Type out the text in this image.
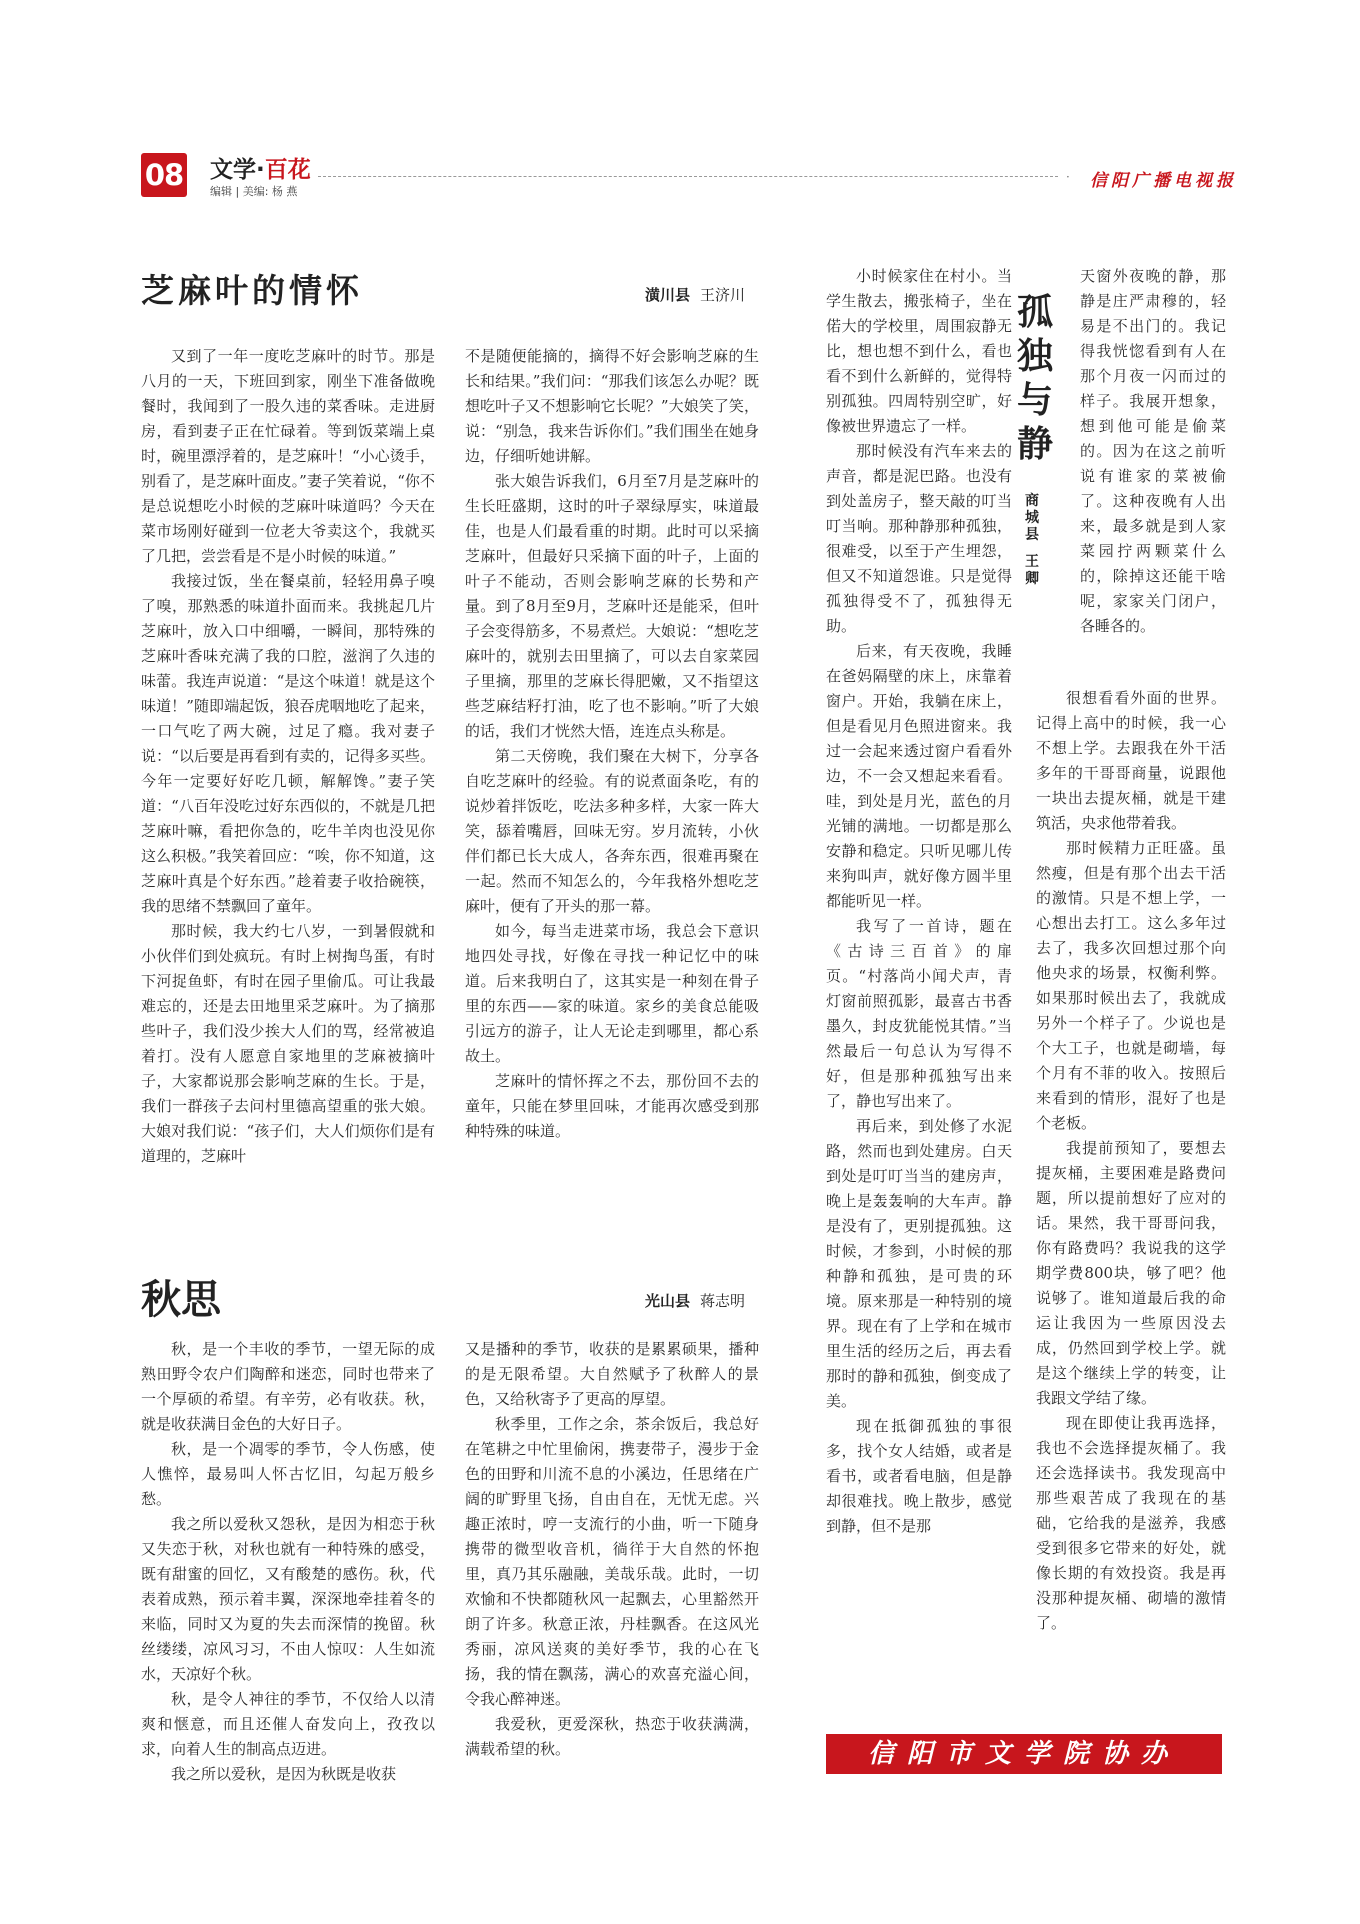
08 文学·百花
编辑 | 美编: 杨 燕
· 信阳广播电视报
芝麻叶的情怀	潢川县 王济川

又到了一年一度吃芝麻叶的时节。那是八月的一天，下班回到家，刚坐下准备做晚餐时，我闻到了一股久违的菜香味。走进厨房，看到妻子正在忙碌着。等到饭菜端上桌时，碗里漂浮着的，是芝麻叶！“小心烫手，别看了，是芝麻叶面皮。”妻子笑着说，“你不是总说想吃小时候的芝麻叶味道吗？今天在菜市场刚好碰到一位老大爷卖这个，我就买了几把，尝尝看是不是小时候的味道。”

我接过饭，坐在餐桌前，轻轻用鼻子嗅了嗅，那熟悉的味道扑面而来。我挑起几片芝麻叶，放入口中细嚼，一瞬间，那特殊的芝麻叶香味充满了我的口腔，滋润了久违的味蕾。我连声说道：“是这个味道！就是这个味道！”随即端起饭，狼吞虎咽地吃了起来，一口气吃了两大碗，过足了瘾。我对妻子说：“以后要是再看到有卖的，记得多买些。今年一定要好好吃几顿，解解馋。”妻子笑道：“八百年没吃过好东西似的，不就是几把芝麻叶嘛，看把你急的，吃牛羊肉也没见你这么积极。”我笑着回应：“唉，你不知道，这芝麻叶真是个好东西。”趁着妻子收拾碗筷，我的思绪不禁飘回了童年。

那时候，我大约七八岁，一到暑假就和小伙伴们到处疯玩。有时上树掏鸟蛋，有时下河捉鱼虾，有时在园子里偷瓜。可让我最难忘的，还是去田地里采芝麻叶。为了摘那些叶子，我们没少挨大人们的骂，经常被追着打。没有人愿意自家地里的芝麻被摘叶子，大家都说那会影响芝麻的生长。于是，我们一群孩子去问村里德高望重的张大娘。大娘对我们说：“孩子们，大人们烦你们是有道理的，芝麻叶

不是随便能摘的，摘得不好会影响芝麻的生长和结果。”我们问：“那我们该怎么办呢？既想吃叶子又不想影响它长呢？”大娘笑了笑，说：“别急，我来告诉你们。”我们围坐在她身边，仔细听她讲解。

张大娘告诉我们，6月至7月是芝麻叶的生长旺盛期，这时的叶子翠绿厚实，味道最佳，也是人们最看重的时期。此时可以采摘芝麻叶，但最好只采摘下面的叶子，上面的叶子不能动，否则会影响芝麻的长势和产量。到了8月至9月，芝麻叶还是能采，但叶子会变得筋多，不易煮烂。大娘说：“想吃芝麻叶的，就别去田里摘了，可以去自家菜园子里摘，那里的芝麻长得肥嫩，又不指望这些芝麻结籽打油，吃了也不影响。”听了大娘的话，我们才恍然大悟，连连点头称是。

第二天傍晚，我们聚在大树下，分享各自吃芝麻叶的经验。有的说煮面条吃，有的说炒着拌饭吃，吃法多种多样，大家一阵大笑，舔着嘴唇，回味无穷。岁月流转，小伙伴们都已长大成人，各奔东西，很难再聚在一起。然而不知怎么的，今年我格外想吃芝麻叶，便有了开头的那一幕。

如今，每当走进菜市场，我总会下意识地四处寻找，好像在寻找一种记忆中的味道。后来我明白了，这其实是一种刻在骨子里的东西——家的味道。家乡的美食总能吸引远方的游子，让人无论走到哪里，都心系故土。

芝麻叶的情怀挥之不去，那份回不去的童年，只能在梦里回味，才能再次感受到那种特殊的味道。

秋思	光山县 蒋志明

秋，是一个丰收的季节，一望无际的成熟田野令农户们陶醉和迷恋，同时也带来了一个厚硕的希望。有辛劳，必有收获。秋，就是收获满目金色的大好日子。

秋，是一个凋零的季节，令人伤感，使人憔悴，最易叫人怀古忆旧，勾起万般乡愁。

我之所以爱秋又怨秋，是因为相恋于秋又失恋于秋，对秋也就有一种特殊的感受，既有甜蜜的回忆，又有酸楚的感伤。秋，代表着成熟，预示着丰翼，深深地牵挂着冬的来临，同时又为夏的失去而深情的挽留。秋丝缕缕，凉风习习，不由人惊叹：人生如流水，天凉好个秋。

秋，是令人神往的季节，不仅给人以清爽和惬意，而且还催人奋发向上，孜孜以求，向着人生的制高点迈进。

我之所以爱秋，是因为秋既是收获

又是播种的季节，收获的是累累硕果，播种的是无限希望。大自然赋予了秋醉人的景色，又给秋寄予了更高的厚望。

秋季里，工作之余，茶余饭后，我总好在笔耕之中忙里偷闲，携妻带子，漫步于金色的田野和川流不息的小溪边，任思绪在广阔的旷野里飞扬，自由自在，无忧无虑。兴趣正浓时，哼一支流行的小曲，听一下随身携带的微型收音机，徜徉于大自然的怀抱里，真乃其乐融融，美哉乐哉。此时，一切欢愉和不快都随秋风一起飘去，心里豁然开朗了许多。秋意正浓，丹桂飘香。在这风光秀丽，凉风送爽的美好季节，我的心在飞扬，我的情在飘荡，满心的欢喜充溢心间，令我心醉神迷。

我爱秋，更爱深秋，热恋于收获满满，满载希望的秋。

孤
独
与
静
商
城
县
王
卿

小时候家住在村小。当学生散去，搬张椅子，坐在偌大的学校里，周围寂静无比，想也想不到什么，看也看不到什么新鲜的，觉得特别孤独。四周特别空旷，好像被世界遗忘了一样。

那时候没有汽车来去的声音，都是泥巴路。也没有到处盖房子，整天敲的叮当叮当响。那种静那种孤独，很难受，以至于产生埋怨，但又不知道怨谁。只是觉得孤独得受不了，孤独得无助。

后来，有天夜晚，我睡在爸妈隔壁的床上，床靠着窗户。开始，我躺在床上，但是看见月色照进窗来。我过一会起来透过窗户看看外边，不一会又想起来看看。哇，到处是月光，蓝色的月光铺的满地。一切都是那么安静和稳定。只听见哪儿传来狗叫声，就好像方圆半里都能听见一样。

我写了一首诗，题在《古诗三百首》的扉页。“村落尚小闻犬声，青灯窗前照孤影，最喜古书香墨久，封皮犹能悦其情。”当然最后一句总认为写得不好，但是那种孤独写出来了，静也写出来了。

再后来，到处修了水泥路，然而也到处建房。白天到处是叮叮当当的建房声，晚上是轰轰响的大车声。静是没有了，更别提孤独。这时候，才参到，小时候的那种静和孤独，是可贵的环境。原来那是一种特别的境界。现在有了上学和在城市里生活的经历之后，再去看那时的静和孤独，倒变成了美。

现在抵御孤独的事很多，找个女人结婚，或者是看书，或者看电脑，但是静却很难找。晚上散步，感觉到静，但不是那

天窗外夜晚的静，那静是庄严肃穆的，轻易是不出门的。我记得我恍惚看到有人在那个月夜一闪而过的样子。我展开想象，想到他可能是偷菜的。因为在这之前听说有谁家的菜被偷了。这种夜晚有人出来，最多就是到人家菜园拧两颗菜什么的，除掉这还能干啥呢，家家关门闭户，各睡各的。

很想看看外面的世界。记得上高中的时候，我一心不想上学。去跟我在外干活多年的干哥哥商量，说跟他一块出去提灰桶，就是干建筑活，央求他带着我。

那时候精力正旺盛。虽然瘦，但是有那个出去干活的激情。只是不想上学，一心想出去打工。这么多年过去了，我多次回想过那个向他央求的场景，权衡利弊。如果那时候出去了，我就成另外一个样子了。少说也是个大工子，也就是砌墙，每个月有不菲的收入。按照后来看到的情形，混好了也是个老板。

我提前预知了，要想去提灰桶，主要困难是路费问题，所以提前想好了应对的话。果然，我干哥哥问我，你有路费吗？我说我的这学期学费800块，够了吧？他说够了。谁知道最后我的命运让我因为一些原因没去成，仍然回到学校上学。就是这个继续上学的转变，让我跟文学结了缘。

现在即使让我再选择，我也不会选择提灰桶了。我还会选择读书。我发现高中那些艰苦成了我现在的基础，它给我的是滋养，我感受到很多它带来的好处，就像长期的有效投资。我是再没那种提灰桶、砌墙的激情了。

信阳市文学院协办
